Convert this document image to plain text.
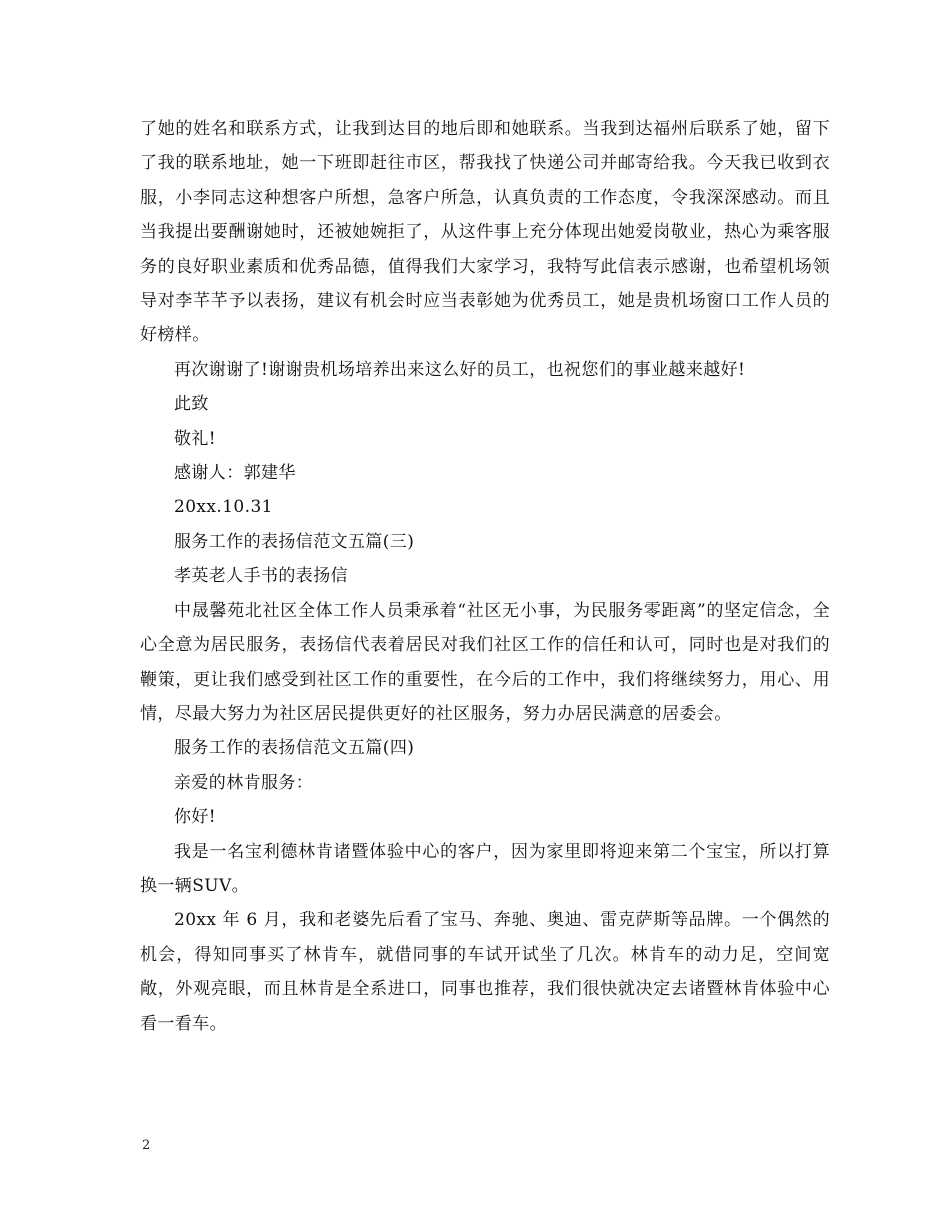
了她的姓名和联系方式，让我到达目的地后即和她联系。当我到达福州后联系了她，留下了我的联系地址，她一下班即赶往市区，帮我找了快递公司并邮寄给我。今天我已收到衣服，小李同志这种想客户所想，急客户所急，认真负责的工作态度，令我深深感动。而且当我提出要酬谢她时，还被她婉拒了，从这件事上充分体现出她爱岗敬业，热心为乘客服务的良好职业素质和优秀品德，值得我们大家学习，我特写此信表示感谢，也希望机场领导对李芊芊予以表扬，建议有机会时应当表彰她为优秀员工，她是贵机场窗口工作人员的好榜样。

再次谢谢了!谢谢贵机场培养出来这么好的员工，也祝您们的事业越来越好!

此致

敬礼!

感谢人：郭建华

20xx.10.31

服务工作的表扬信范文五篇(三)

孝英老人手书的表扬信

中晟馨苑北社区全体工作人员秉承着“社区无小事，为民服务零距离”的坚定信念，全心全意为居民服务，表扬信代表着居民对我们社区工作的信任和认可，同时也是对我们的鞭策，更让我们感受到社区工作的重要性，在今后的工作中，我们将继续努力，用心、用情，尽最大努力为社区居民提供更好的社区服务，努力办居民满意的居委会。

服务工作的表扬信范文五篇(四)

亲爱的林肯服务：

你好!

我是一名宝利德林肯诸暨体验中心的客户，因为家里即将迎来第二个宝宝，所以打算换一辆SUV。

20xx 年 6 月，我和老婆先后看了宝马、奔驰、奥迪、雷克萨斯等品牌。一个偶然的机会，得知同事买了林肯车，就借同事的车试开试坐了几次。林肯车的动力足，空间宽敞，外观亮眼，而且林肯是全系进口，同事也推荐，我们很快就决定去诸暨林肯体验中心看一看车。

2
